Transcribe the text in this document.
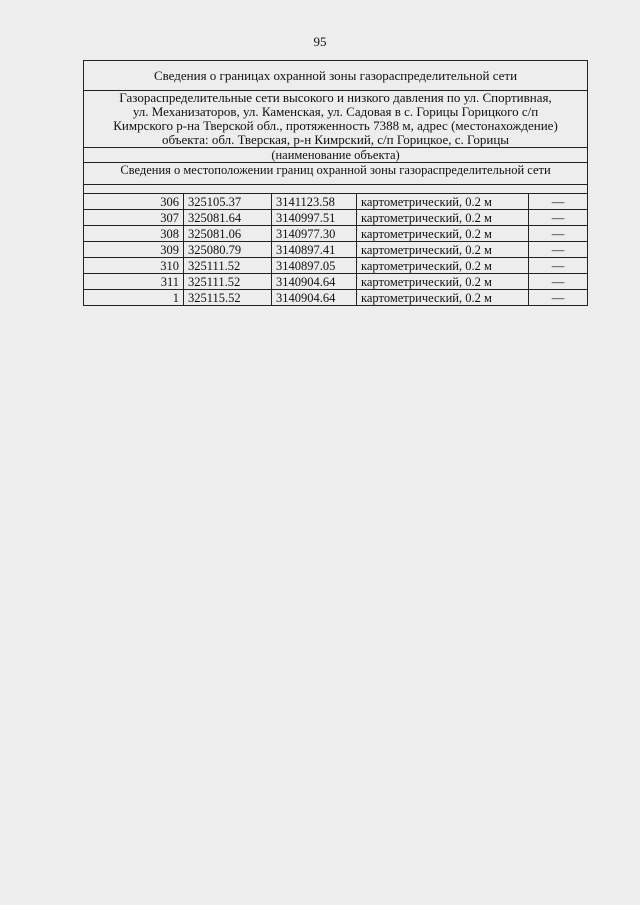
95
Сведения о границах охранной зоны газораспределительной сети				

Газораспределительные сети высокого и низкого давления по ул. Спортивная,
ул. Механизаторов, ул. Каменская, ул. Садовая в с. Горицы Горицкого с/п
Кимрского р-на Тверской обл., протяженность 7388 м, адрес (местонахождение)
объекта: обл. Тверская, р-н Кимрский, с/п Горицкое, с. Горицы				

(наименование объекта)				
Сведения о местоположении границ охранной зоны газораспределительной сети				

306	325105.37	3141123.58	картометрический, 0.2 м	—
307	325081.64	3140997.51	картометрический, 0.2 м	—
308	325081.06	3140977.30	картометрический, 0.2 м	—
309	325080.79	3140897.41	картометрический, 0.2 м	—
310	325111.52	3140897.05	картометрический, 0.2 м	—
311	325111.52	3140904.64	картометрический, 0.2 м	—
1	325115.52	3140904.64	картометрический, 0.2 м	—
